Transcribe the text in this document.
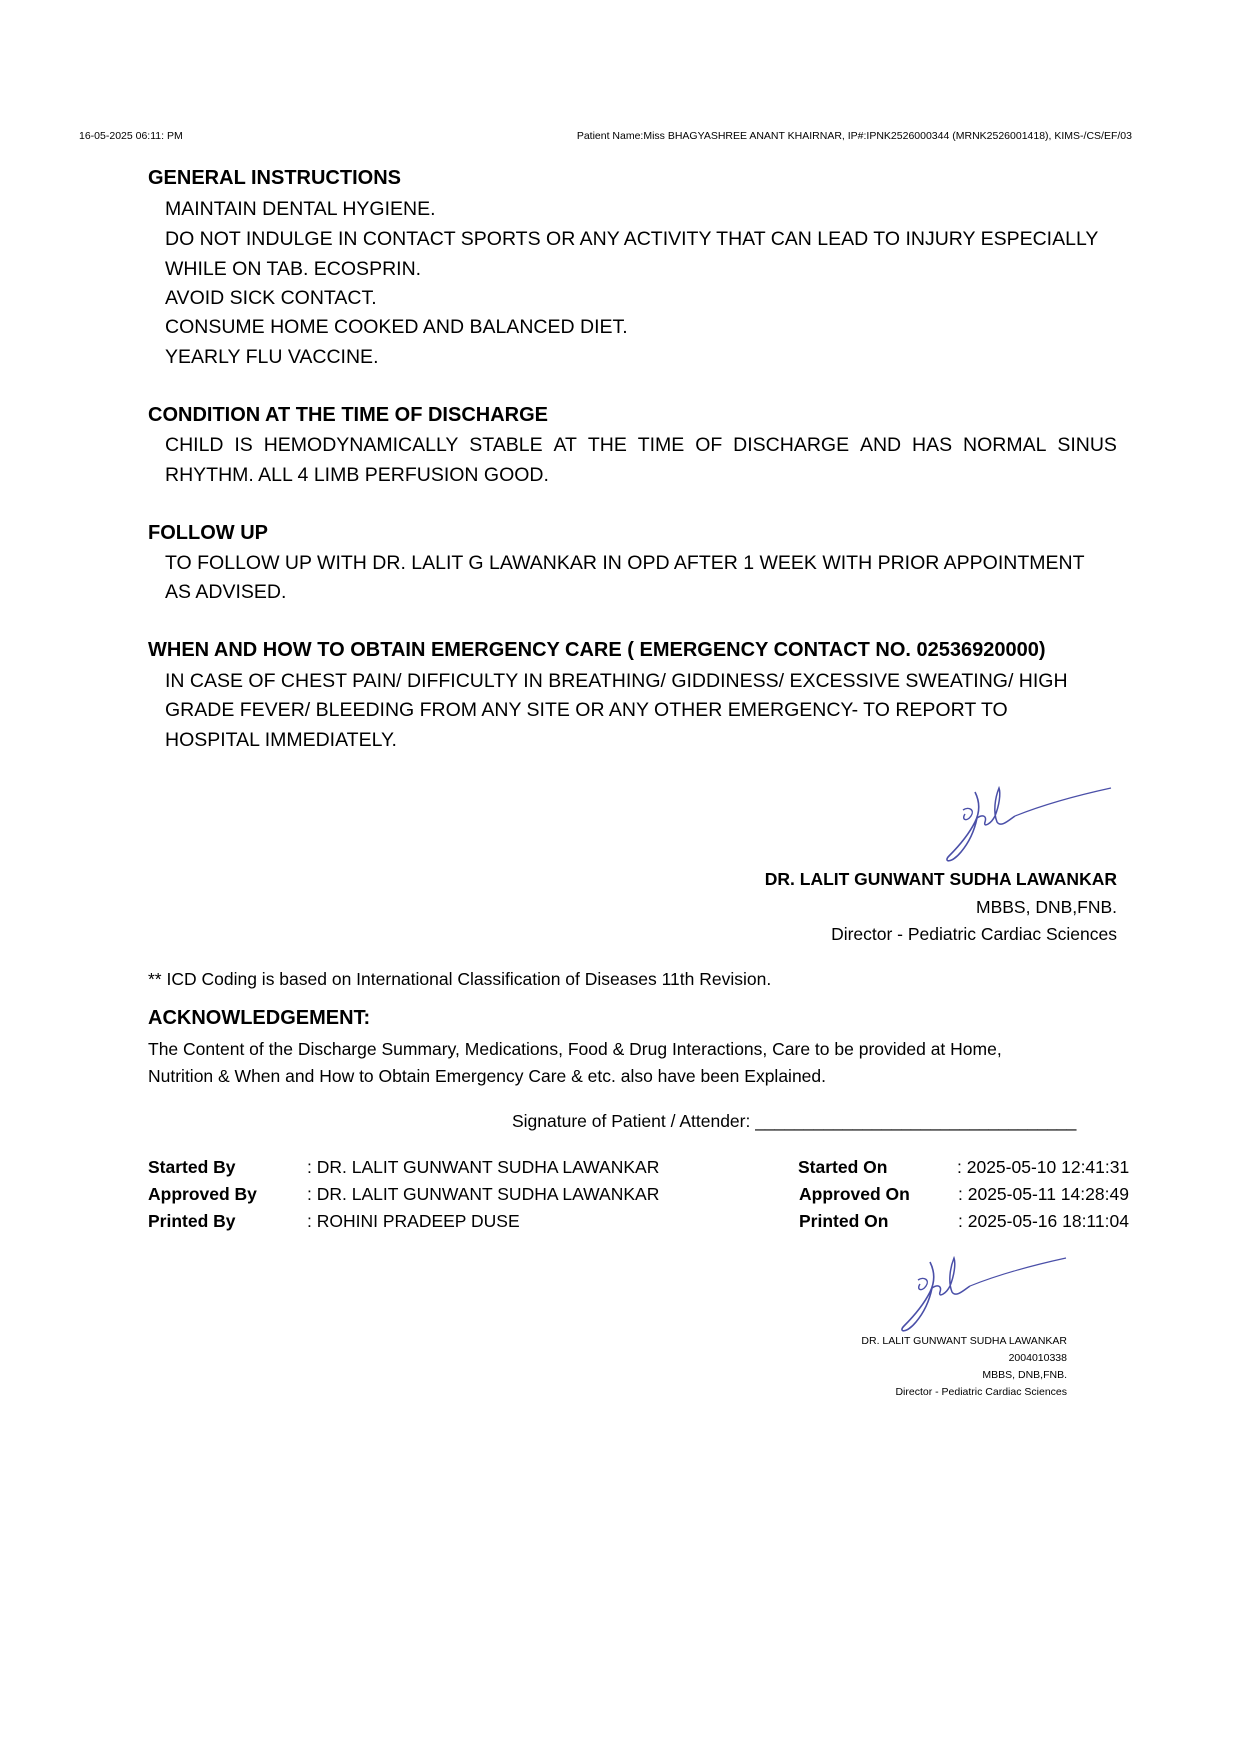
16-05-2025 06:11: PM	Patient Name:Miss BHAGYASHREE ANANT KHAIRNAR, IP#:IPNK2526000344 (MRNK2526001418), KIMS-/CS/EF/03
GENERAL INSTRUCTIONS
MAINTAIN DENTAL HYGIENE.
DO NOT INDULGE IN CONTACT SPORTS OR ANY ACTIVITY THAT CAN LEAD TO INJURY ESPECIALLY
WHILE ON TAB. ECOSPRIN.
AVOID SICK CONTACT.
CONSUME HOME COOKED AND BALANCED DIET.
YEARLY FLU VACCINE.
CONDITION AT THE TIME OF DISCHARGE
CHILD IS HEMODYNAMICALLY STABLE AT THE TIME OF DISCHARGE AND HAS NORMAL SINUS
RHYTHM. ALL 4 LIMB PERFUSION GOOD.
FOLLOW UP
TO FOLLOW UP WITH DR. LALIT G LAWANKAR IN OPD AFTER 1 WEEK WITH PRIOR APPOINTMENT
AS ADVISED.
WHEN AND HOW TO OBTAIN EMERGENCY CARE ( EMERGENCY CONTACT NO. 02536920000)
IN CASE OF CHEST PAIN/ DIFFICULTY IN BREATHING/ GIDDINESS/ EXCESSIVE SWEATING/ HIGH
GRADE FEVER/ BLEEDING FROM ANY SITE OR ANY OTHER EMERGENCY- TO REPORT TO
HOSPITAL IMMEDIATELY.
DR. LALIT GUNWANT SUDHA LAWANKAR
MBBS, DNB,FNB.
Director - Pediatric Cardiac Sciences
** ICD Coding is based on International Classification of Diseases 11th Revision.
ACKNOWLEDGEMENT:
The Content of the Discharge Summary, Medications, Food & Drug Interactions, Care to be provided at Home,
Nutrition & When and How to Obtain Emergency Care & etc. also have been Explained.
Signature of Patient / Attender: _________________________________
Started By	: DR. LALIT GUNWANT SUDHA LAWANKAR	Started On	: 2025-05-10 12:41:31
Approved By	: DR. LALIT GUNWANT SUDHA LAWANKAR	Approved On	: 2025-05-11 14:28:49
Printed By	: ROHINI PRADEEP DUSE	Printed On	: 2025-05-16 18:11:04
DR. LALIT GUNWANT SUDHA LAWANKAR
2004010338
MBBS, DNB,FNB.
Director - Pediatric Cardiac Sciences
